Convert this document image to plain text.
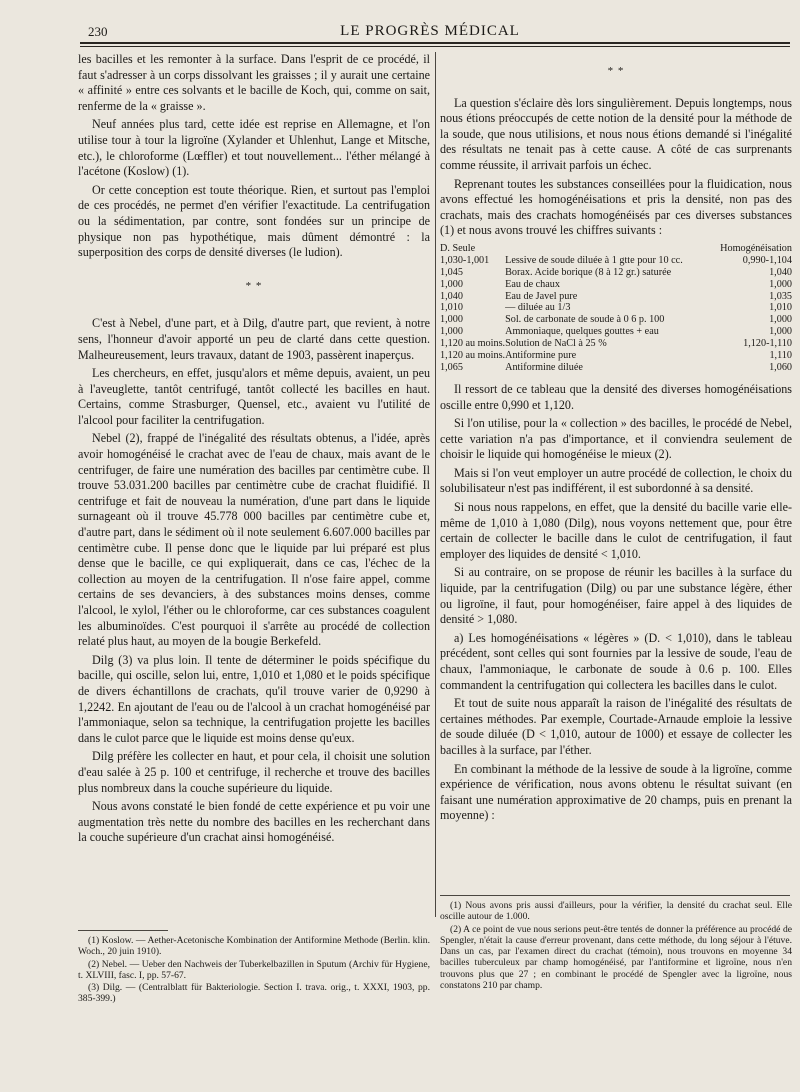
230	LE PROGRÈS MÉDICAL

les bacilles et les remonter à la surface. Dans l'esprit de ce procédé, il faut s'adresser à un corps dissolvant les graisses ; il y aurait une certaine « affinité » entre ces solvants et le bacille de Koch, qui, comme on sait, renferme de la « graisse ».

Neuf années plus tard, cette idée est reprise en Allemagne, et l'on utilise tour à tour la ligroïne (Xylander et Uhlenhut, Lange et Mitsche, etc.), le chloroforme (Lœffler) et tout nouvellement... l'éther mélangé à l'acétone (Koslow) (1).

Or cette conception est toute théorique. Rien, et surtout pas l'emploi de ces procédés, ne permet d'en vérifier l'exactitude. La centrifugation ou la sédimentation, par contre, sont fondées sur un principe de physique non pas hypothétique, mais dûment démontré : la superposition des corps de densité diverses (le ludion).

* *

C'est à Nebel, d'une part, et à Dilg, d'autre part, que revient, à notre sens, l'honneur d'avoir apporté un peu de clarté dans cette question. Malheureusement, leurs travaux, datant de 1903, passèrent inaperçus.

Les chercheurs, en effet, jusqu'alors et même depuis, avaient, un peu à l'aveuglette, tantôt centrifugé, tantôt collecté les bacilles en haut. Certains, comme Strasburger, Quensel, etc., avaient vu l'utilité de l'alcool pour faciliter la centrifugation.

Nebel (2), frappé de l'inégalité des résultats obtenus, a l'idée, après avoir homogénéisé le crachat avec de l'eau de chaux, mais avant de le centrifuger, de faire une numération des bacilles par centimètre cube. Il trouve 53.031.200 bacilles par centimètre cube de crachat fluidifié. Il centrifuge et fait de nouveau la numération, d'une part dans le liquide surnageant où il trouve 45.778 000 bacilles par centimètre cube et, d'autre part, dans le sédiment où il note seulement 6.607.000 bacilles par centimètre cube. Il pense donc que le liquide par lui préparé est plus dense que le bacille, ce qui expliquerait, dans ce cas, l'échec de la collection au moyen de la centrifugation. Il n'ose faire appel, comme certains de ses devanciers, à des substances moins denses, comme l'alcool, le xylol, l'éther ou le chloroforme, car ces substances coagulent les albuminoïdes. C'est pourquoi il s'arrête au procédé de collection relaté plus haut, au moyen de la bougie Berkefeld.

Dilg (3) va plus loin. Il tente de déterminer le poids spécifique du bacille, qui oscille, selon lui, entre, 1,010 et 1,080 et le poids spécifique de divers échantillons de crachats, qu'il trouve varier de 0,9290 à 1,2242. En ajoutant de l'eau ou de l'alcool à un crachat homogénéisé par l'ammoniaque, selon sa technique, la centrifugation projette les bacilles dans le culot parce que le liquide est moins dense qu'eux.

Dilg préfère les collecter en haut, et pour cela, il choisit une solution d'eau salée à 25 p. 100 et centrifuge, il recherche et trouve des bacilles plus nombreux dans la couche supérieure du liquide.

Nous avons constaté le bien fondé de cette expérience et pu voir une augmentation très nette du nombre des bacilles en les recherchant dans la couche supérieure d'un crachat ainsi homogénéisé.

* *

La question s'éclaire dès lors singulièrement. Depuis longtemps, nous nous étions préoccupés de cette notion de la densité pour la méthode de la soude, que nous utilisions, et nous nous étions demandé si l'inégalité des résultats ne tenait pas à cette cause. A côté de cas surprenants comme réussite, il arrivait parfois un échec.

Reprenant toutes les substances conseillées pour la fluidication, nous avons effectué les homogénéisations et pris la densité, non pas des crachats, mais des crachats homogénéisés par ces diverses substances (1) et nous avons trouvé les chiffres suivants :

D. Seule		Homogénéisation
1,030-1,001	Lessive de soude diluée à 1 gtte pour 10 cc.	0,990-1,104
1,045	Borax. Acide borique (8 à 12 gr.) saturée	1,040
1,000	Eau de chaux	1,000
1,040	Eau de Javel pure	1,035
1,010	— diluée au 1/3	1,010
1,000	Sol. de carbonate de soude à 0 6 p. 100	1,000
1,000	Ammoniaque, quelques gouttes + eau	1,000
1,120 au moins.	Solution de NaCl à 25 %	1,120-1,110
1,120 au moins.	Antiformine pure	1,110
1,065	Antiformine diluée	1,060

Il ressort de ce tableau que la densité des diverses homogénéisations oscille entre 0,990 et 1,120.

Si l'on utilise, pour la « collection » des bacilles, le procédé de Nebel, cette variation n'a pas d'importance, et il conviendra seulement de choisir le liquide qui homogénéise le mieux (2).

Mais si l'on veut employer un autre procédé de collection, le choix du solubilisateur n'est pas indifférent, il est subordonné à sa densité.

Si nous nous rappelons, en effet, que la densité du bacille varie elle-même de 1,010 à 1,080 (Dilg), nous voyons nettement que, pour être certain de collecter le bacille dans le culot de centrifugation, il faut employer des liquides de densité < 1,010.

Si au contraire, on se propose de réunir les bacilles à la surface du liquide, par la centrifugation (Dilg) ou par une substance légère, éther ou ligroïne, il faut, pour homogénéiser, faire appel à des liquides de densité > 1,080.

a) Les homogénéisations « légères » (D. < 1,010), dans le tableau précédent, sont celles qui sont fournies par la lessive de soude, l'eau de chaux, l'ammoniaque, le carbonate de soude à 0.6 p. 100. Elles commandent la centrifugation qui collectera les bacilles dans le culot.

Et tout de suite nous apparaît la raison de l'inégalité des résultats de certaines méthodes. Par exemple, Courtade-Arnaude emploie la lessive de soude diluée (D < 1,010, autour de 1000) et essaye de collecter les bacilles à la surface, par l'éther.

En combinant la méthode de la lessive de soude à la ligroïne, comme expérience de vérification, nous avons obtenu le résultat suivant (en faisant une numération approximative de 20 champs, puis en prenant la moyenne) :

(1) Koslow. — Aether-Acetonische Kombination der Antiformine Methode (Berlin. klin. Woch., 20 juin 1910).
(2) Nebel. — Ueber den Nachweis der Tuberkelbazillen in Sputum (Archiv für Hygiene, t. XLVIII, fasc. I, pp. 57-67.
(3) Dilg. — (Centralblatt für Bakteriologie. Section I. trava. orig., t. XXXI, 1903, pp. 385-399.)
(1) Nous avons pris aussi d'ailleurs, pour la vérifier, la densité du crachat seul. Elle oscille autour de 1.000.
(2) A ce point de vue nous serions peut-être tentés de donner la préférence au procédé de Spengler, n'était la cause d'erreur provenant, dans cette méthode, du long séjour à l'étuve. Dans un cas, par l'examen direct du crachat (témoin), nous trouvons en moyenne 34 bacilles tuberculeux par champ homogénéisé, par l'antiformine et ligroïne, nous n'en trouvons plus que 27 ; en combinant le procédé de Spengler avec la ligroïne, nous constatons 210 par champ.
